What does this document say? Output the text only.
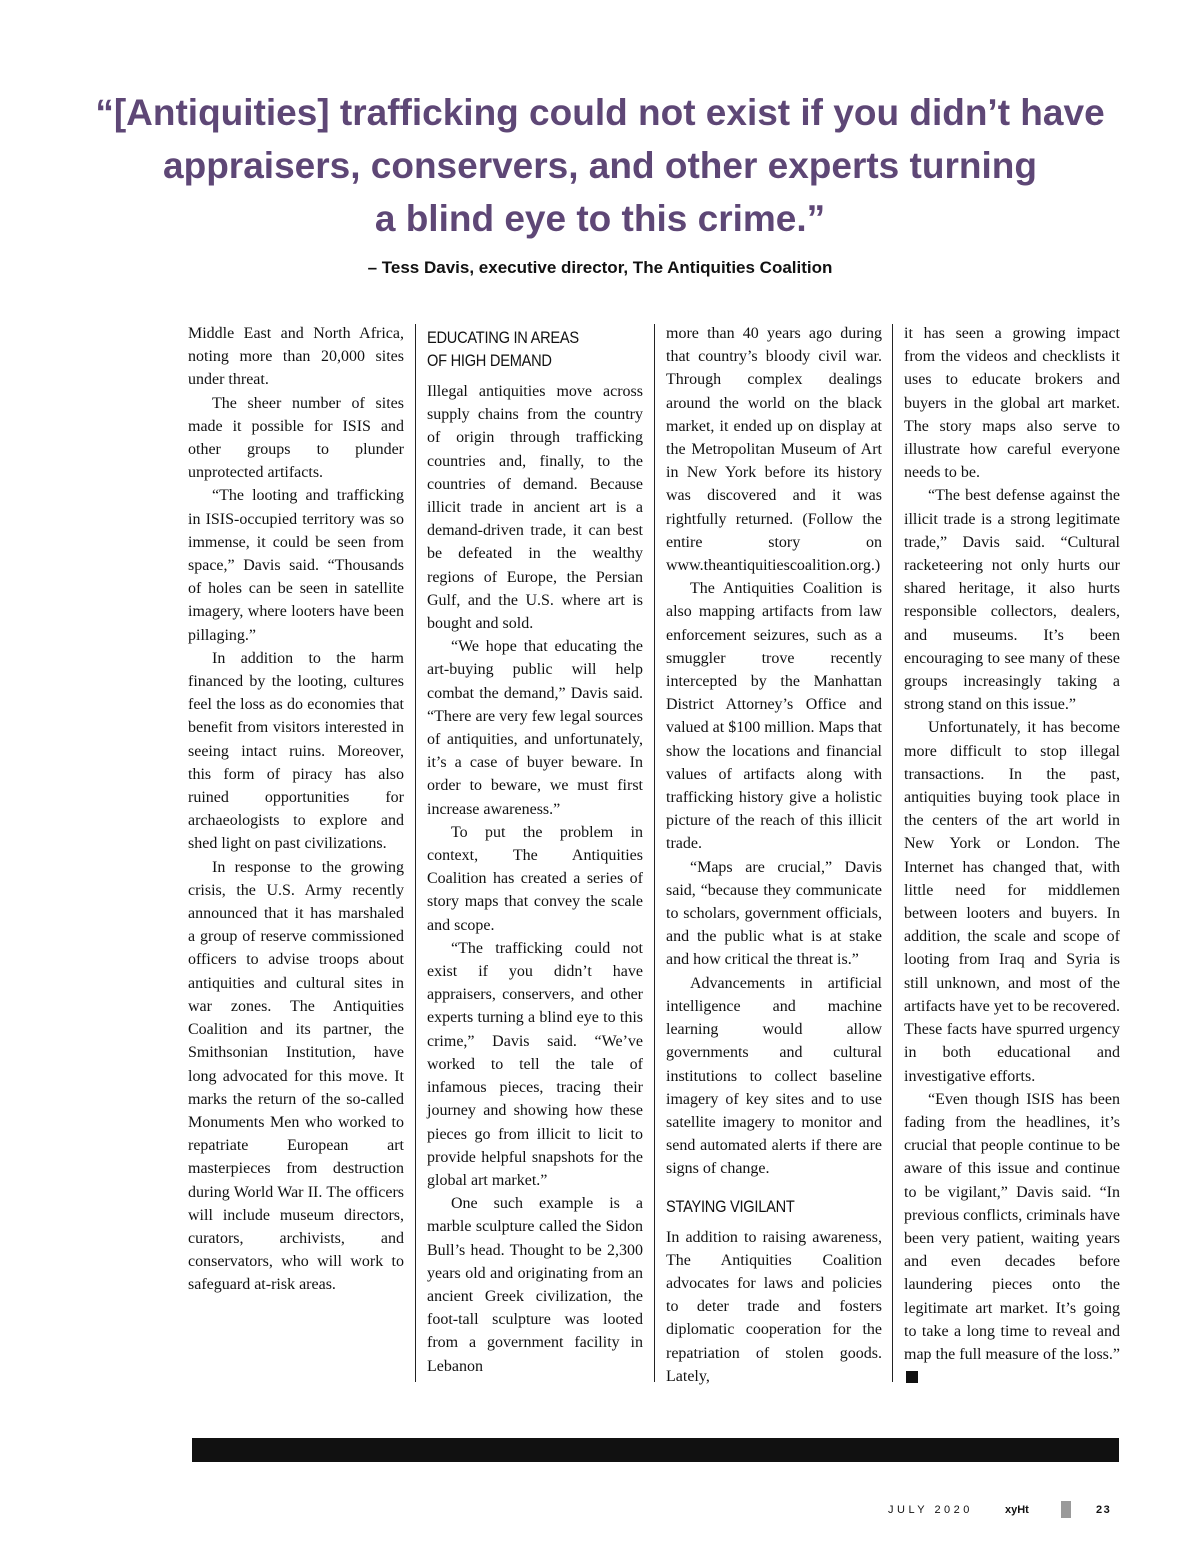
“[Antiquities] trafficking could not exist if you didn’t have
appraisers, conservers, and other experts turning
a blind eye to this crime.”
– Tess Davis, executive director, The Antiquities Coalition

Middle East and North Africa, noting more than 20,000 sites under threat.

The sheer number of sites made it possible for ISIS and other groups to plunder unprotected artifacts.

“The looting and trafficking in ISIS-occupied territory was so immense, it could be seen from space,” Davis said. “Thousands of holes can be seen in satellite imagery, where looters have been pillaging.”

In addition to the harm financed by the looting, cultures feel the loss as do economies that benefit from visitors interested in seeing intact ruins. Moreover, this form of piracy has also ruined opportunities for archaeologists to explore and shed light on past civilizations.

In response to the growing crisis, the U.S. Army recently announced that it has marshaled a group of reserve commissioned officers to advise troops about antiquities and cultural sites in war zones. The Antiquities Coalition and its partner, the Smithsonian Institution, have long advocated for this move. It marks the return of the so-called Monuments Men who worked to repatriate European art masterpieces from destruction during World War II. The officers will include museum directors, curators, archivists, and conservators, who will work to safeguard at-risk areas.

EDUCATING IN AREAS
OF HIGH DEMAND

Illegal antiquities move across supply chains from the country of origin through trafficking countries and, finally, to the countries of demand. Because illicit trade in ancient art is a demand-driven trade, it can best be defeated in the wealthy regions of Europe, the Persian Gulf, and the U.S. where art is bought and sold.

“We hope that educating the art-buying public will help combat the demand,” Davis said. “There are very few legal sources of antiquities, and unfortunately, it’s a case of buyer beware. In order to beware, we must first increase awareness.”

To put the problem in context, The Antiquities Coalition has created a series of story maps that convey the scale and scope.

“The trafficking could not exist if you didn’t have appraisers, conservers, and other experts turning a blind eye to this crime,” Davis said. “We’ve worked to tell the tale of infamous pieces, tracing their journey and showing how these pieces go from illicit to licit to provide helpful snapshots for the global art market.”

One such example is a marble sculpture called the Sidon Bull’s head. Thought to be 2,300 years old and originating from an ancient Greek civilization, the foot-tall sculpture was looted from a government facility in Lebanon

more than 40 years ago during that country’s bloody civil war. Through complex dealings around the world on the black market, it ended up on display at the Metropolitan Museum of Art in New York before its history was discovered and it was rightfully returned. (Follow the entire story on www.theantiquitiescoalition.org.)

The Antiquities Coalition is also mapping artifacts from law enforcement seizures, such as a smuggler trove recently intercepted by the Manhattan District Attorney’s Office and valued at $100 million. Maps that show the locations and financial values of artifacts along with trafficking history give a holistic picture of the reach of this illicit trade.

“Maps are crucial,” Davis said, “because they communicate to scholars, government officials, and the public what is at stake and how critical the threat is.”

Advancements in artificial intelligence and machine learning would allow governments and cultural institutions to collect baseline imagery of key sites and to use satellite imagery to monitor and send automated alerts if there are signs of change.

STAYING VIGILANT

In addition to raising awareness, The Antiquities Coalition advocates for laws and policies to deter trade and fosters diplomatic cooperation for the repatriation of stolen goods. Lately,

it has seen a growing impact from the videos and checklists it uses to educate brokers and buyers in the global art market. The story maps also serve to illustrate how careful everyone needs to be.

“The best defense against the illicit trade is a strong legitimate trade,” Davis said. “Cultural racketeering not only hurts our shared heritage, it also hurts responsible collectors, dealers, and museums. It’s been encouraging to see many of these groups increasingly taking a strong stand on this issue.”

Unfortunately, it has become more difficult to stop illegal transactions. In the past, antiquities buying took place in the centers of the art world in New York or London. The Internet has changed that, with little need for middlemen between looters and buyers. In addition, the scale and scope of looting from Iraq and Syria is still unknown, and most of the artifacts have yet to be recovered. These facts have spurred urgency in both educational and investigative efforts.

“Even though ISIS has been fading from the headlines, it’s crucial that people continue to be aware of this issue and continue to be vigilant,” Davis said. “In previous conflicts, criminals have been very patient, waiting years and even decades before laundering pieces onto the legitimate art market. It’s going to take a long time to reveal and map the full measure of the loss.”

JULY 2020	xyHt	23
